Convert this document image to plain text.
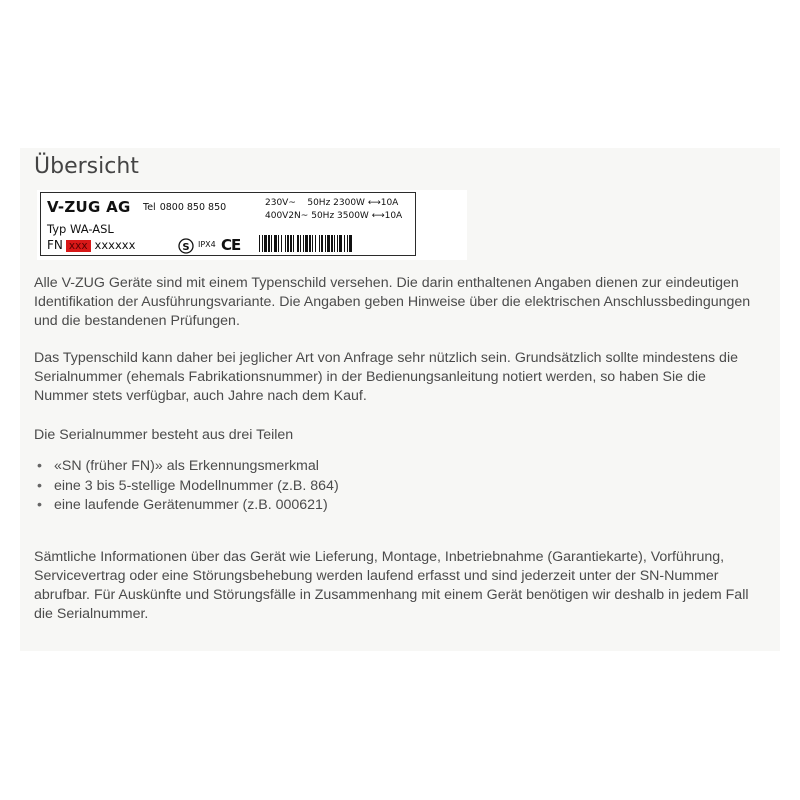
Übersicht
V-ZUG AG Tel 0800 850 850	230V~ 50Hz 2300W ⟷10A
400V2N~ 50Hz 3500W ⟷10A
Typ WA-ASL
FN xxx xxxxxx	S IPX4 CE

Alle V-ZUG Geräte sind mit einem Typenschild versehen. Die darin enthaltenen Angaben dienen zur eindeutigen Identifikation der Ausführungsvariante. Die Angaben geben Hinweise über die elektrischen Anschlussbedingungen und die bestandenen Prüfungen.

Das Typenschild kann daher bei jeglicher Art von Anfrage sehr nützlich sein. Grundsätzlich sollte mindestens die Serialnummer (ehemals Fabrikationsnummer) in der Bedienungsanleitung notiert werden, so haben Sie die Nummer stets verfügbar, auch Jahre nach dem Kauf.

Die Serialnummer besteht aus drei Teilen

• «SN (früher FN)» als Erkennungsmerkmal
• eine 3 bis 5-stellige Modellnummer (z.B. 864)
• eine laufende Gerätenummer (z.B. 000621)

Sämtliche Informationen über das Gerät wie Lieferung, Montage, Inbetriebnahme (Garantiekarte), Vorführung, Servicevertrag oder eine Störungsbehebung werden laufend erfasst und sind jederzeit unter der SN-Nummer abrufbar. Für Auskünfte und Störungsfälle in Zusammenhang mit einem Gerät benötigen wir deshalb in jedem Fall die Serialnummer.
